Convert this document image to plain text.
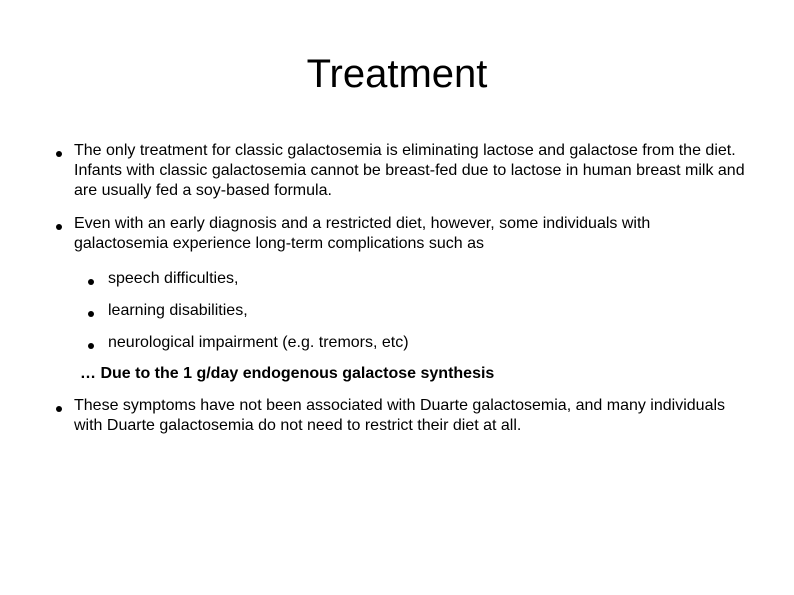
Treatment
The only treatment for classic galactosemia is eliminating lactose and galactose from the diet. Infants with classic galactosemia cannot be breast-fed due to lactose in human breast milk and are usually fed a soy-based formula.
Even with an early diagnosis and a restricted diet, however, some individuals with galactosemia experience long-term complications such as
speech difficulties,
learning disabilities,
neurological impairment (e.g. tremors, etc)
… Due to the 1 g/day endogenous galactose synthesis
These symptoms have not been associated with Duarte galactosemia, and many individuals with Duarte galactosemia do not need to restrict their diet at all.
